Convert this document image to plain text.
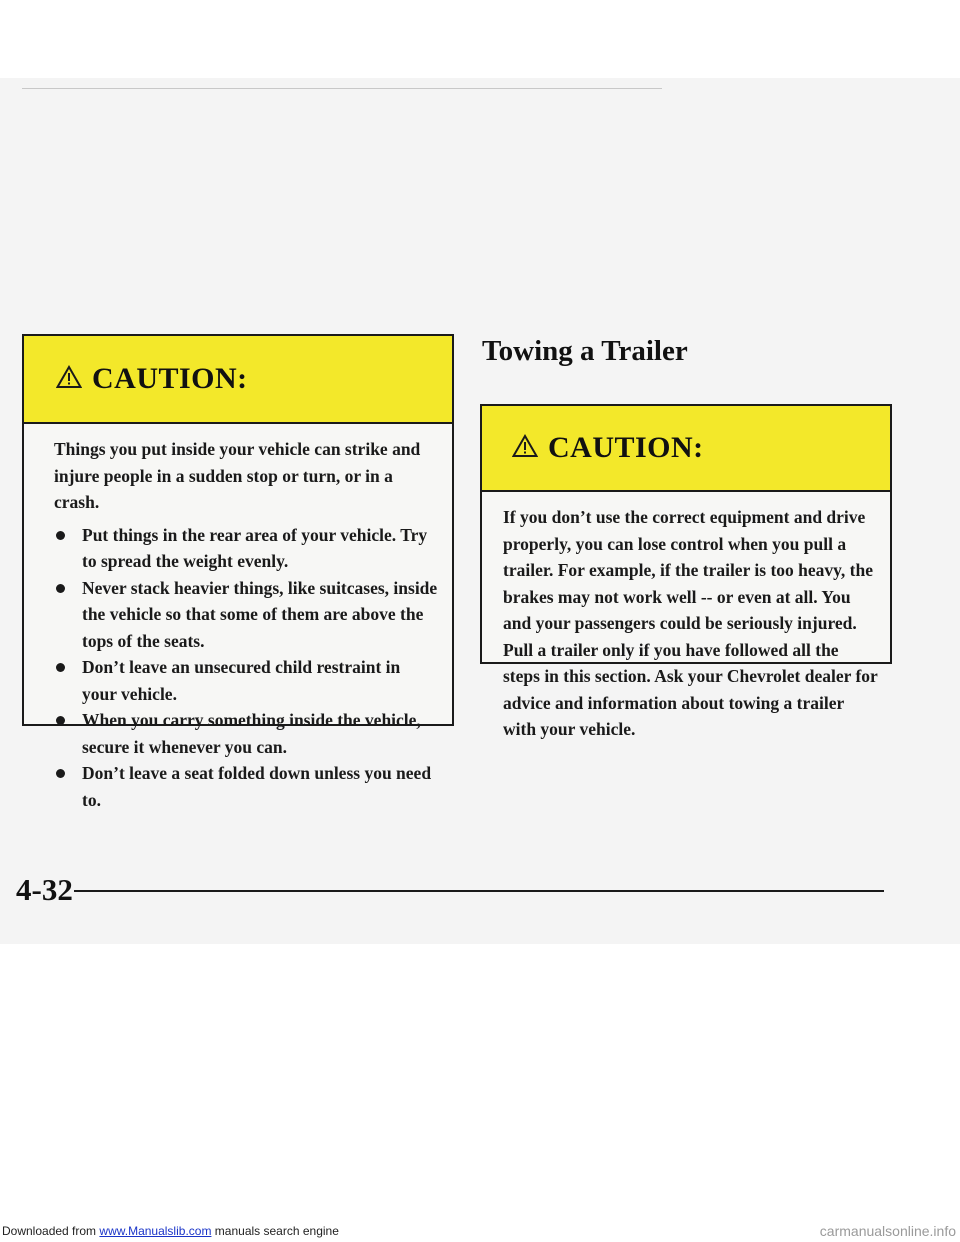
CAUTION:
Things you put inside your vehicle can strike and injure people in a sudden stop or turn, or in a crash.
Put things in the rear area of your vehicle. Try to spread the weight evenly.
Never stack heavier things, like suitcases, inside the vehicle so that some of them are above the tops of the seats.
Don’t leave an unsecured child restraint in your vehicle.
When you carry something inside the vehicle, secure it whenever you can.
Don’t leave a seat folded down unless you need to.
Towing a Trailer
CAUTION:
If you don’t use the correct equipment and drive properly, you can lose control when you pull a trailer. For example, if the trailer is too heavy, the brakes may not work well -- or even at all. You and your passengers could be seriously injured. Pull a trailer only if you have followed all the steps in this section. Ask your Chevrolet dealer for advice and information about towing a trailer with your vehicle.
4-32
Downloaded from www.Manualslib.com manuals search engine	carmanualsonline.info
